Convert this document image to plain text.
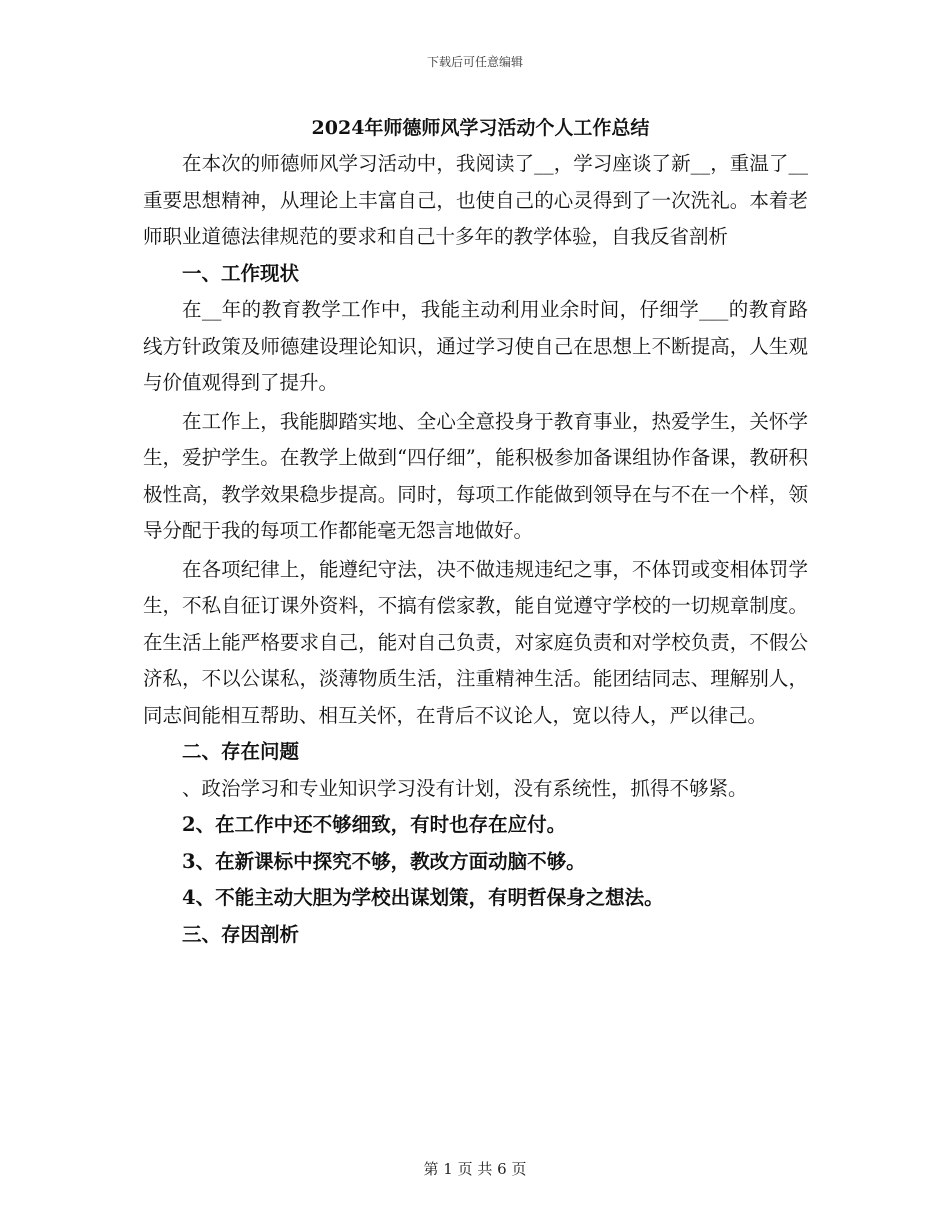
下载后可任意编辑
2024年师德师风学习活动个人工作总结

在本次的师德师风学习活动中，我阅读了__，学习座谈了新__，重温了__重要思想精神，从理论上丰富自己，也使自己的心灵得到了一次洗礼。本着老师职业道德法律规范的要求和自己十多年的教学体验，自我反省剖析

一、工作现状

在__年的教育教学工作中，我能主动利用业余时间，仔细学___的教育路线方针政策及师德建设理论知识，通过学习使自己在思想上不断提高，人生观与价值观得到了提升。

在工作上，我能脚踏实地、全心全意投身于教育事业，热爱学生，关怀学生，爱护学生。在教学上做到“四仔细”，能积极参加备课组协作备课，教研积极性高，教学效果稳步提高。同时，每项工作能做到领导在与不在一个样，领导分配于我的每项工作都能毫无怨言地做好。

在各项纪律上，能遵纪守法，决不做违规违纪之事，不体罚或变相体罚学生，不私自征订课外资料，不搞有偿家教，能自觉遵守学校的一切规章制度。在生活上能严格要求自己，能对自己负责，对家庭负责和对学校负责，不假公济私，不以公谋私，淡薄物质生活，注重精神生活。能团结同志、理解别人，同志间能相互帮助、相互关怀，在背后不议论人，宽以待人，严以律己。

二、存在问题

、政治学习和专业知识学习没有计划，没有系统性，抓得不够紧。

2、在工作中还不够细致，有时也存在应付。

3、在新课标中探究不够，教改方面动脑不够。

4、不能主动大胆为学校出谋划策，有明哲保身之想法。

三、存因剖析

第 1 页 共 6 页
